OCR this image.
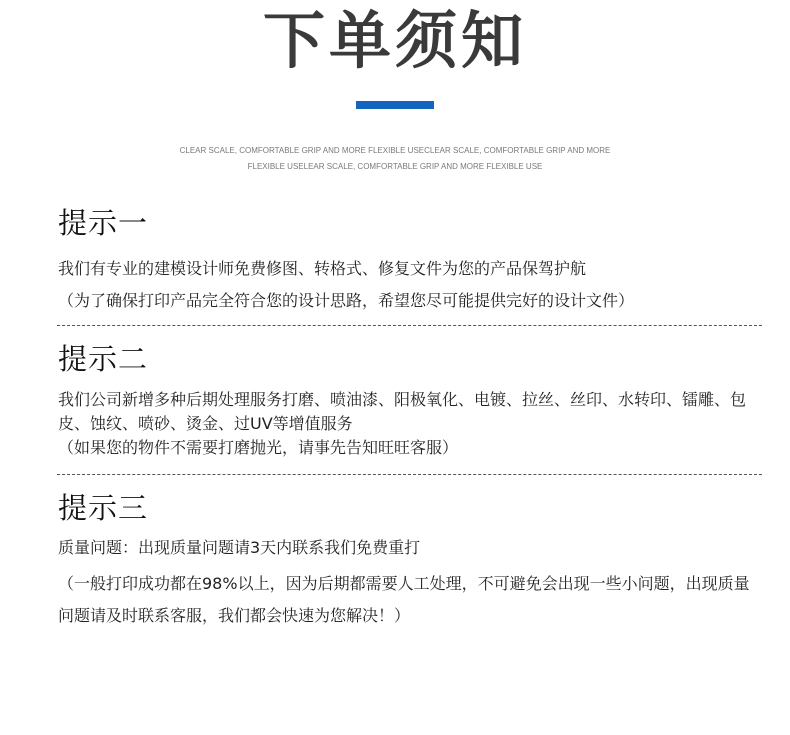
下单须知
CLEAR SCALE, COMFORTABLE GRIP AND MORE FLEXIBLE USECLEAR SCALE, COMFORTABLE GRIP AND MORE FLEXIBLE USELEAR SCALE, COMFORTABLE GRIP AND MORE FLEXIBLE USE
提示一

我们有专业的建模设计师免费修图、转格式、修复文件为您的产品保驾护航

（为了确保打印产品完全符合您的设计思路，希望您尽可能提供完好的设计文件）

提示二

我们公司新增多种后期处理服务打磨、喷油漆、阳极氧化、电镀、拉丝、丝印、水转印、镭雕、包皮、蚀纹、喷砂、烫金、过UV等增值服务

（如果您的物件不需要打磨抛光，请事先告知旺旺客服）

提示三

质量问题：出现质量问题请3天内联系我们免费重打

（一般打印成功都在98%以上，因为后期都需要人工处理，不可避免会出现一些小问题，出现质量问题请及时联系客服，我们都会快速为您解决！）
